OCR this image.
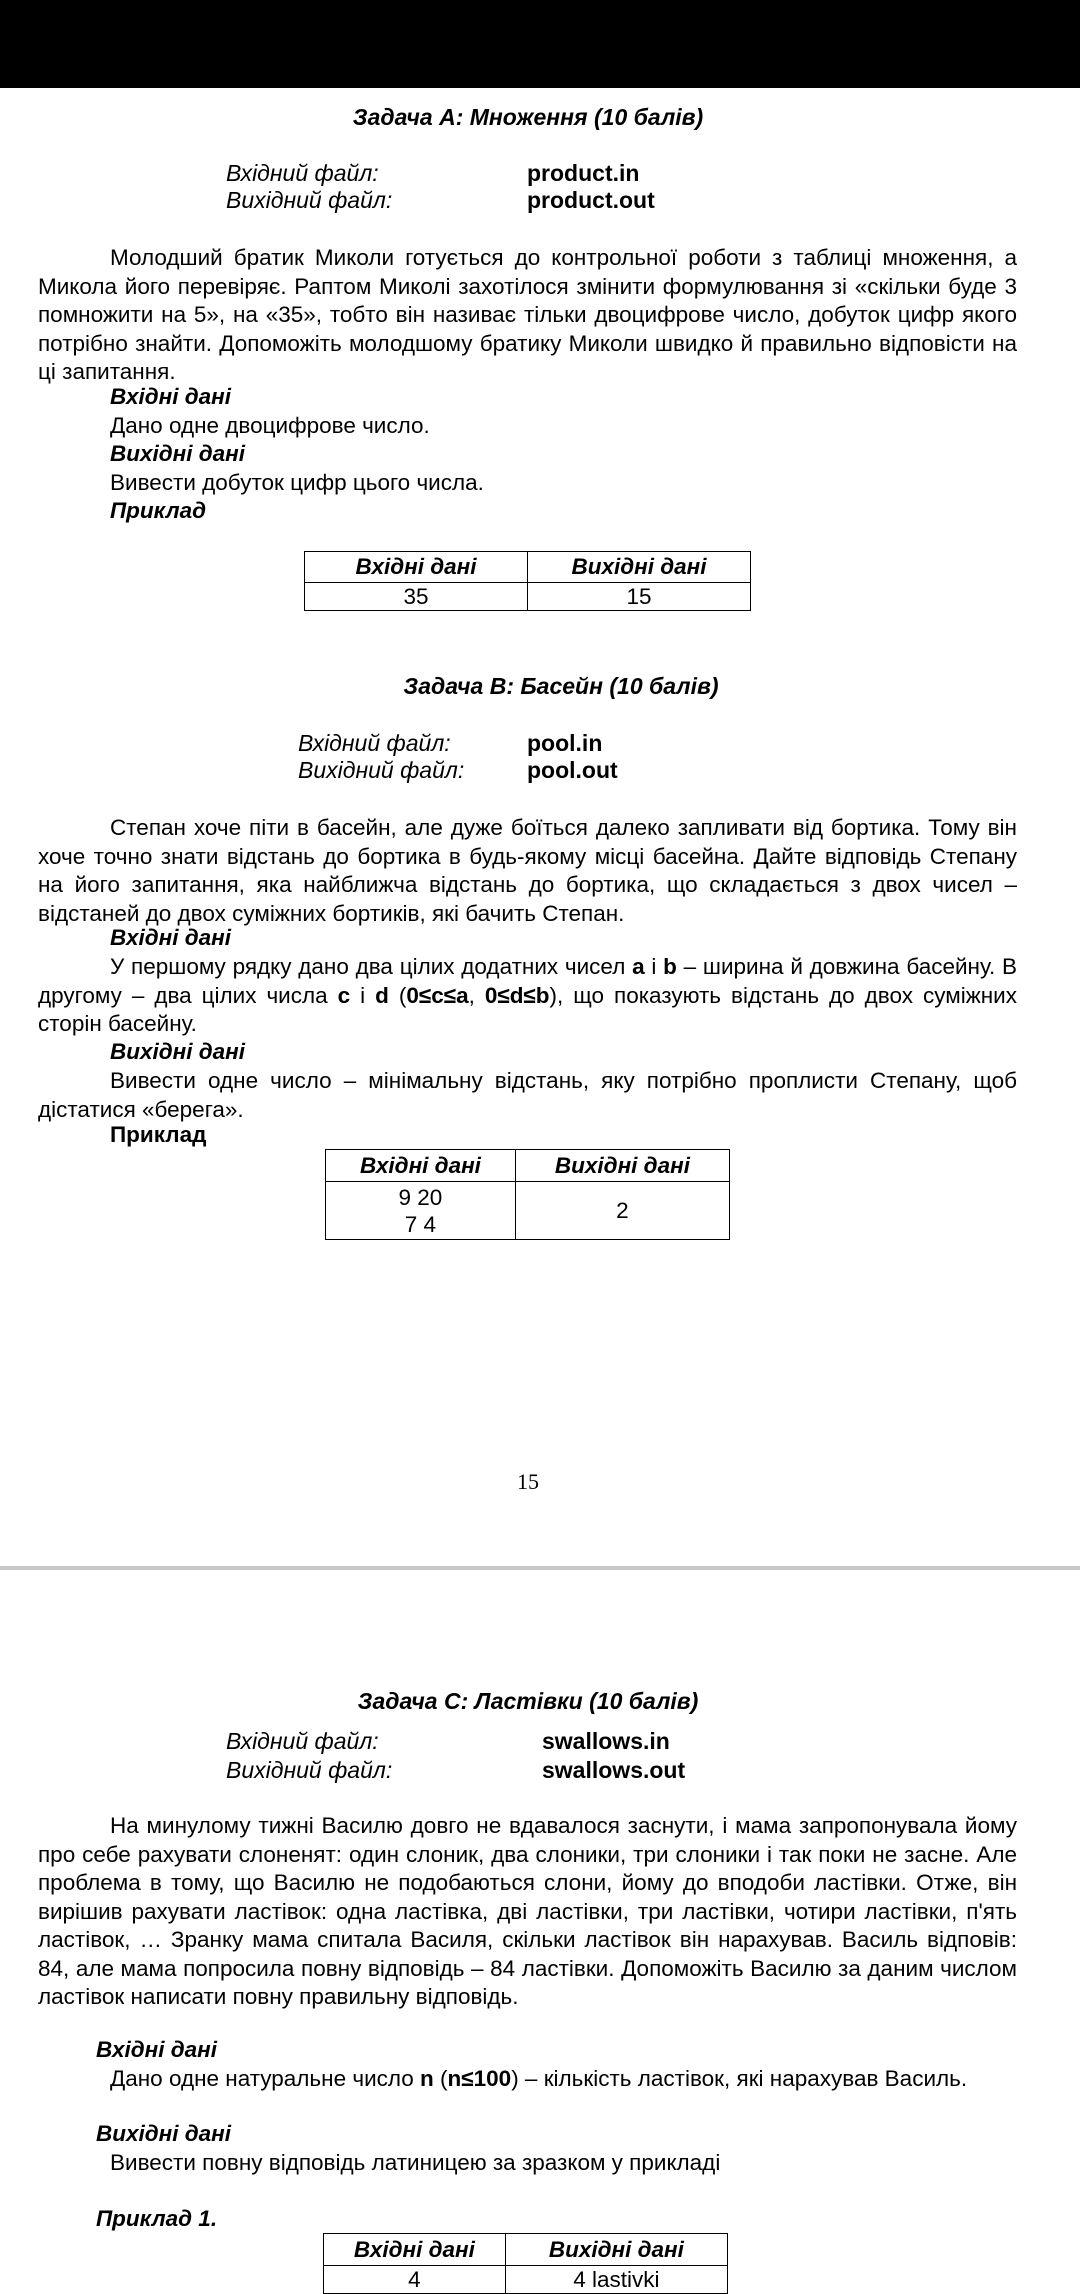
Задача А: Множення (10 балів)
Вхідний файл:	product.in
Вихідний файл:	product.out
Молодший братик Миколи готується до контрольної роботи з таблиці множення, а Микола його перевіряє. Раптом Миколі захотілося змінити формулювання зі «скільки буде 3 помножити на 5», на «35», тобто він називає тільки двоцифрове число, добуток цифр якого потрібно знайти. Допоможіть молодшому братику Миколи швидко й правильно відповісти на ці запитання.
Вхідні дані
Дано одне двоцифрове число.
Вихідні дані
Вивести добуток цифр цього числа.
Приклад
Вхідні дані	Вихідні дані
35	15
Задача B: Басейн (10 балів)
Вхідний файл:	pool.in
Вихідний файл:	pool.out
Степан хоче піти в басейн, але дуже боїться далеко запливати від бортика. Тому він хоче точно знати відстань до бортика в будь-якому місці басейна. Дайте відповідь Степану на його запитання, яка найближча відстань до бортика, що складається з двох чисел – відстаней до двох суміжних бортиків, які бачить Степан.
Вхідні дані
У першому рядку дано два цілих додатних чисел a і b – ширина й довжина басейну. В другому – два цілих числа c і d (0≤c≤a, 0≤d≤b), що показують відстань до двох суміжних сторін басейну.
Вихідні дані
Вивести одне число – мінімальну відстань, яку потрібно проплисти Степану, щоб дістатися «берега».
Приклад
Вхідні дані	Вихідні дані

9 20
7 4	2
15
Задача C: Ластівки (10 балів)
Вхідний файл:	swallows.in
Вихідний файл:	swallows.out
На минулому тижні Василю довго не вдавалося заснути, і мама запропонувала йому про себе рахувати слоненят: один слоник, два слоники, три слоники і так поки не засне. Але проблема в тому, що Василю не подобаються слони, йому до вподоби ластівки. Отже, він вирішив рахувати ластівок: одна ластівка, дві ластівки, три ластівки, чотири ластівки, п'ять ластівок, … Зранку мама спитала Василя, скільки ластівок він нарахував. Василь відповів: 84, але мама попросила повну відповідь – 84 ластівки. Допоможіть Василю за даним числом ластівок написати повну правильну відповідь.
Вхідні дані
Дано одне натуральне число n (n≤100) – кількість ластівок, які нарахував Василь.
Вихідні дані
Вивести повну відповідь латиницею за зразком у прикладі
Приклад 1.
Вхідні дані	Вихідні дані
4	4 lastivki
